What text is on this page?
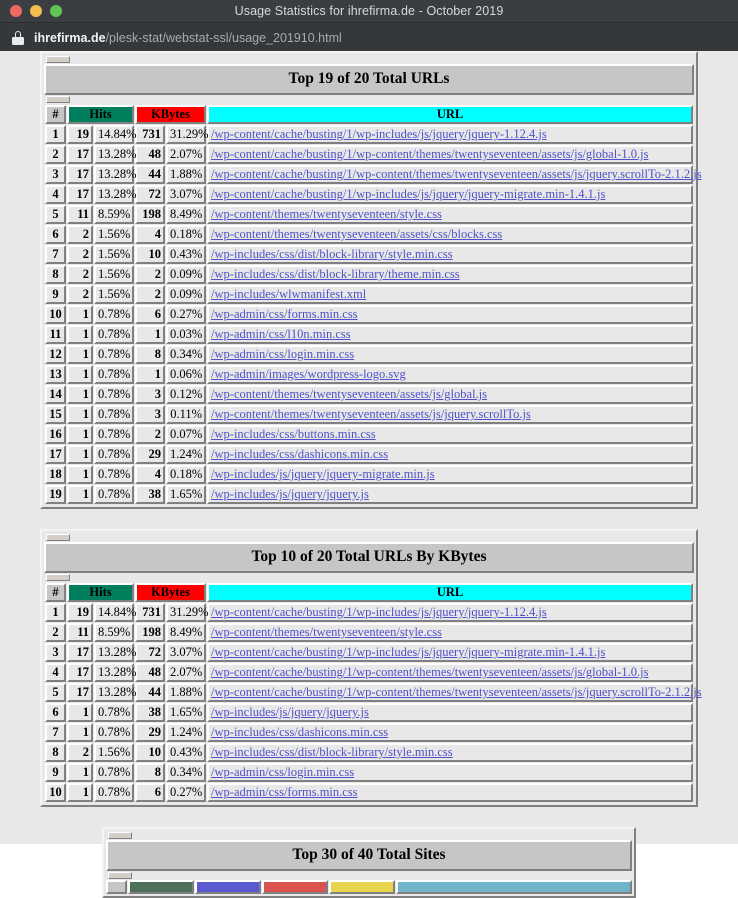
Usage Statistics for ihrefirma.de - October 2019
ihrefirma.de/plesk-stat/webstat-ssl/usage_201910.html
Top 19 of 20 Total URLs
#	Hits		KBytes		URL
1	19	14.84%	731	31.29%	/wp-content/cache/busting/1/wp-includes/js/jquery/jquery-1.12.4.js
2	17	13.28%	48	2.07%	/wp-content/cache/busting/1/wp-content/themes/twentyseventeen/assets/js/global-1.0.js
3	17	13.28%	44	1.88%	/wp-content/cache/busting/1/wp-content/themes/twentyseventeen/assets/js/jquery.scrollTo-2.1.2.js
4	17	13.28%	72	3.07%	/wp-content/cache/busting/1/wp-includes/js/jquery/jquery-migrate.min-1.4.1.js
5	11	8.59%	198	8.49%	/wp-content/themes/twentyseventeen/style.css
6	2	1.56%	4	0.18%	/wp-content/themes/twentyseventeen/assets/css/blocks.css
7	2	1.56%	10	0.43%	/wp-includes/css/dist/block-library/style.min.css
8	2	1.56%	2	0.09%	/wp-includes/css/dist/block-library/theme.min.css
9	2	1.56%	2	0.09%	/wp-includes/wlwmanifest.xml
10	1	0.78%	6	0.27%	/wp-admin/css/forms.min.css
11	1	0.78%	1	0.03%	/wp-admin/css/l10n.min.css
12	1	0.78%	8	0.34%	/wp-admin/css/login.min.css
13	1	0.78%	1	0.06%	/wp-admin/images/wordpress-logo.svg
14	1	0.78%	3	0.12%	/wp-content/themes/twentyseventeen/assets/js/global.js
15	1	0.78%	3	0.11%	/wp-content/themes/twentyseventeen/assets/js/jquery.scrollTo.js
16	1	0.78%	2	0.07%	/wp-includes/css/buttons.min.css
17	1	0.78%	29	1.24%	/wp-includes/css/dashicons.min.css
18	1	0.78%	4	0.18%	/wp-includes/js/jquery/jquery-migrate.min.js
19	1	0.78%	38	1.65%	/wp-includes/js/jquery/jquery.js
Top 10 of 20 Total URLs By KBytes
#	Hits		KBytes		URL
1	19	14.84%	731	31.29%	/wp-content/cache/busting/1/wp-includes/js/jquery/jquery-1.12.4.js
2	11	8.59%	198	8.49%	/wp-content/themes/twentyseventeen/style.css
3	17	13.28%	72	3.07%	/wp-content/cache/busting/1/wp-includes/js/jquery/jquery-migrate.min-1.4.1.js
4	17	13.28%	48	2.07%	/wp-content/cache/busting/1/wp-content/themes/twentyseventeen/assets/js/global-1.0.js
5	17	13.28%	44	1.88%	/wp-content/cache/busting/1/wp-content/themes/twentyseventeen/assets/js/jquery.scrollTo-2.1.2.js
6	1	0.78%	38	1.65%	/wp-includes/js/jquery/jquery.js
7	1	0.78%	29	1.24%	/wp-includes/css/dashicons.min.css
8	2	1.56%	10	0.43%	/wp-includes/css/dist/block-library/style.min.css
9	1	0.78%	8	0.34%	/wp-admin/css/login.min.css
10	1	0.78%	6	0.27%	/wp-admin/css/forms.min.css
Top 30 of 40 Total Sites
